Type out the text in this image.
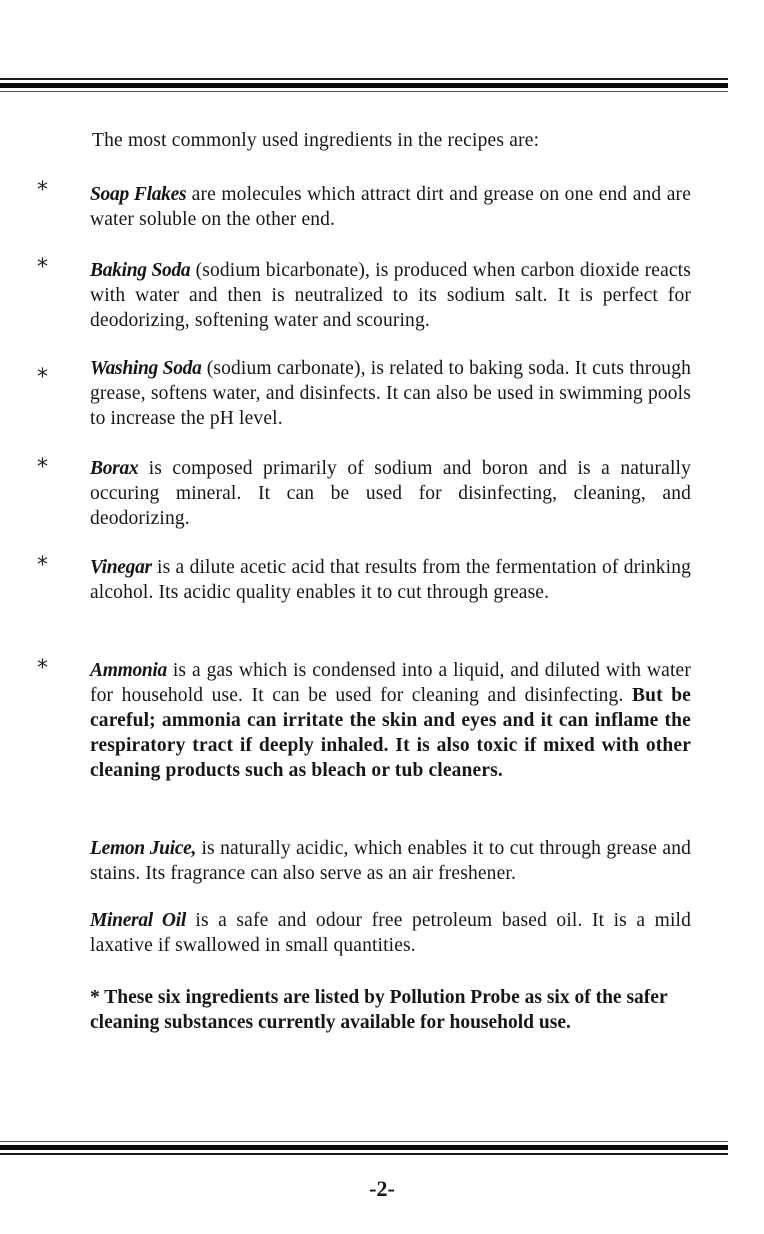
The most commonly used ingredients in the recipes are:
* Soap Flakes are molecules which attract dirt and grease on one end and are water soluble on the other end.

* Baking Soda (sodium bicarbonate), is produced when carbon dioxide reacts with water and then is neutralized to its sodium salt. It is perfect for deodorizing, softening water and scouring.

* Washing Soda (sodium carbonate), is related to baking soda. It cuts through grease, softens water, and disinfects. It can also be used in swimming pools to increase the pH level.

* Borax is composed primarily of sodium and boron and is a naturally occuring mineral. It can be used for disinfecting, cleaning, and deodorizing.

* Vinegar is a dilute acetic acid that results from the fermentation of drinking alcohol. Its acidic quality enables it to cut through grease.

* Ammonia is a gas which is condensed into a liquid, and diluted with water for household use. It can be used for cleaning and disinfecting. But be careful; ammonia can irritate the skin and eyes and it can inflame the respiratory tract if deeply inhaled. It is also toxic if mixed with other cleaning products such as bleach or tub cleaners.

Lemon Juice, is naturally acidic, which enables it to cut through grease and stains. Its fragrance can also serve as an air freshener.

Mineral Oil is a safe and odour free petroleum based oil. It is a mild laxative if swallowed in small quantities.

* These six ingredients are listed by Pollution Probe as six of the safer cleaning substances currently available for household use.
-2-
